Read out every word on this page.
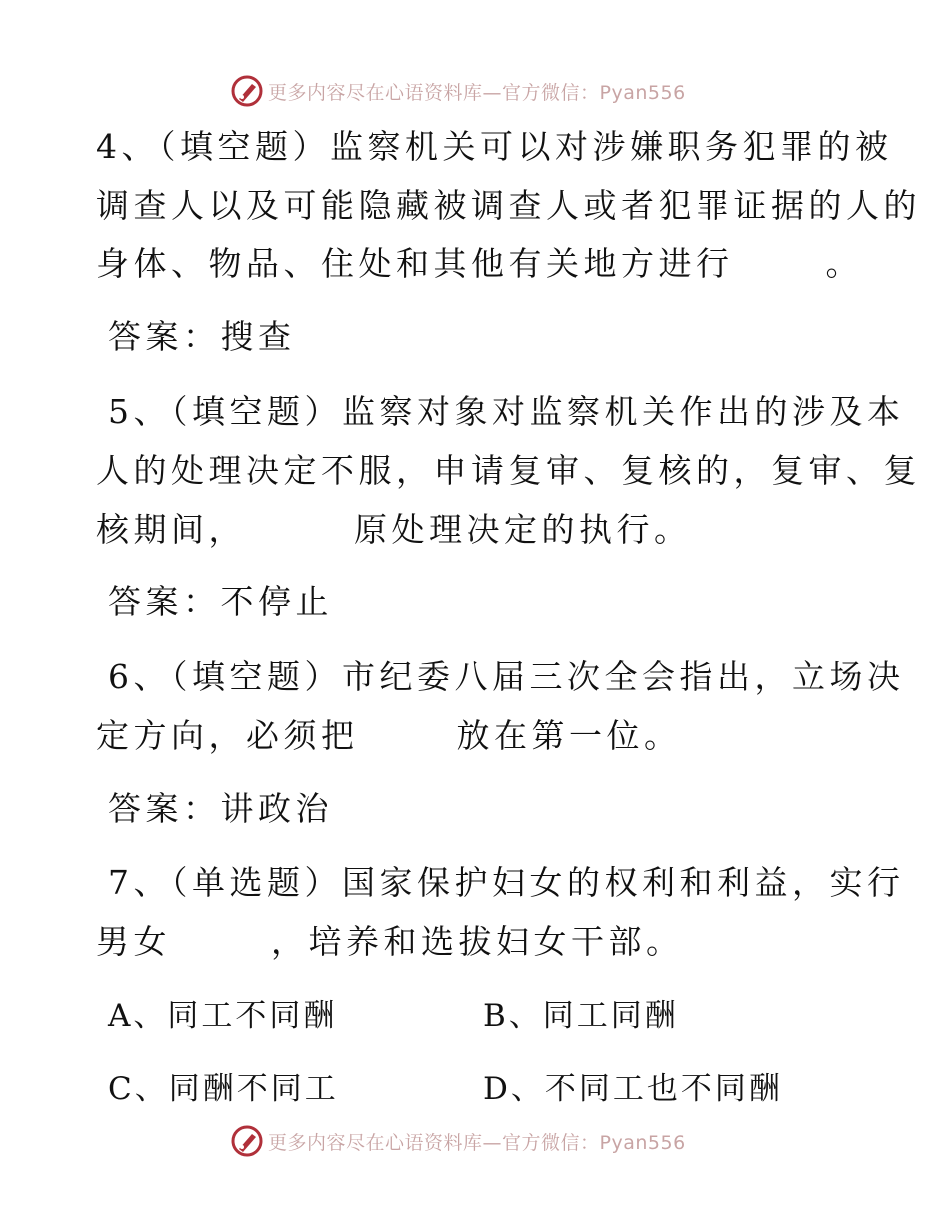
更多内容尽在心语资料库—官方微信：Pyan556
4、（填空题）监察机关可以对涉嫌职务犯罪的被
调查人以及可能隐藏被调查人或者犯罪证据的人的
身体、物品、住处和其他有关地方进行	。
答案：搜查
5、（填空题）监察对象对监察机关作出的涉及本
人的处理决定不服，申请复审、复核的，复审、复
核期间，	原处理决定的执行。
答案：不停止
6、（填空题）市纪委八届三次全会指出，立场决
定方向，必须把	放在第一位。
答案：讲政治
7、（单选题）国家保护妇女的权利和利益，实行
男女	，培养和选拔妇女干部。
A、同工不同酬	B、同工同酬
C、同酬不同工	D、不同工也不同酬
更多内容尽在心语资料库—官方微信：Pyan556
